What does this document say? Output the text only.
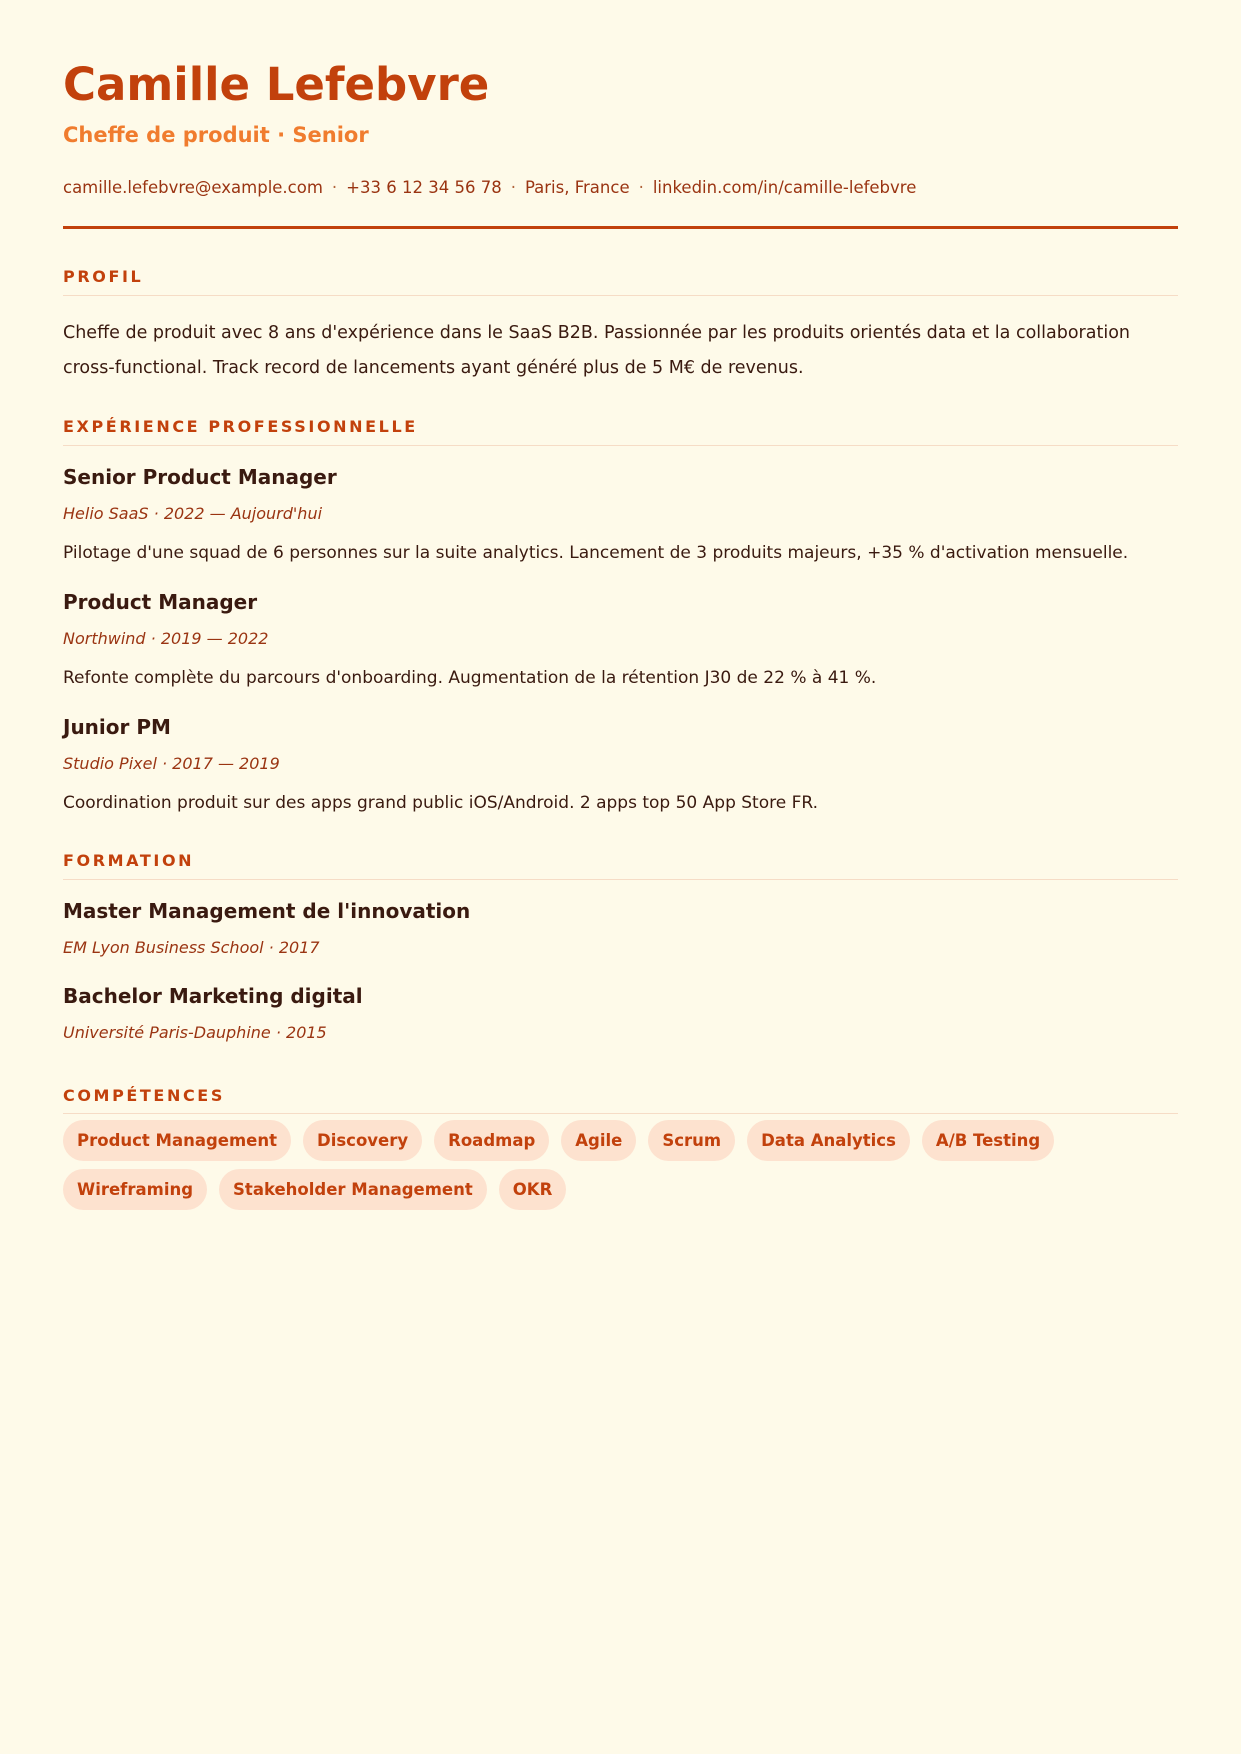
Camille Lefebvre
Cheffe de produit · Senior
camille.lefebvre@example.com · +33 6 12 34 56 78 · Paris, France · linkedin.com/in/camille-lefebvre
PROFIL

Cheffe de produit avec 8 ans d'expérience dans le SaaS B2B. Passionnée par les produits orientés data et la collaboration cross-functional. Track record de lancements ayant généré plus de 5 M€ de revenus.

EXPÉRIENCE PROFESSIONNELLE
Senior Product Manager

Helio SaaS · 2022 — Aujourd'hui

Pilotage d'une squad de 6 personnes sur la suite analytics. Lancement de 3 produits majeurs, +35 % d'activation mensuelle.

Product Manager

Northwind · 2019 — 2022

Refonte complète du parcours d'onboarding. Augmentation de la rétention J30 de 22 % à 41 %.

Junior PM

Studio Pixel · 2017 — 2019

Coordination produit sur des apps grand public iOS/Android. 2 apps top 50 App Store FR.

FORMATION
Master Management de l'innovation

EM Lyon Business School · 2017

Bachelor Marketing digital

Université Paris-Dauphine · 2015

COMPÉTENCES
Product Management	Discovery	Roadmap	Agile	Scrum	Data Analytics	A/B Testing
Wireframing	Stakeholder Management	OKR
